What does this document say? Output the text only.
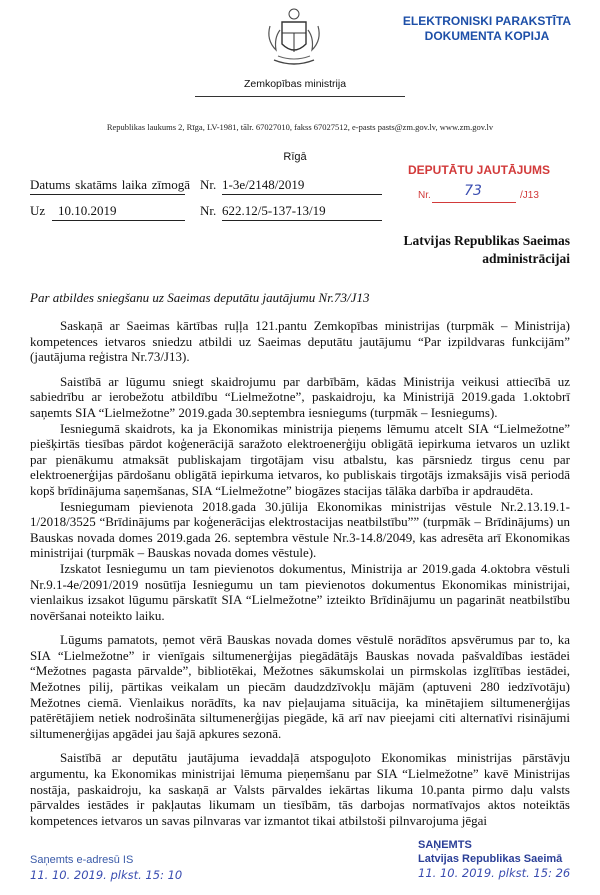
Zemkopības ministrija
ELEKTRONISKI PARAKSTĪTA
DOKUMENTA KOPIJA
Republikas laukums 2, Rīga, LV-1981, tālr. 67027010, fakss 67027512, e-pasts pasts@zm.gov.lv, www.zm.gov.lv
Rīgā
Datums skatāms laika zīmogā Nr. 1-3e/2148/2019
Uz 10.10.2019	Nr. 622.12/5-137-13/19
DEPUTĀTU JAUTĀJUMS
Nr.	73	/J13
Latvijas Republikas Saeimas
administrācijai
Par atbildes sniegšanu uz Saeimas deputātu jautājumu Nr.73/J13

Saskaņā ar Saeimas kārtības ruļļa 121.pantu Zemkopības ministrijas (turpmāk – Ministrija) kompetences ietvaros sniedzu atbildi uz Saeimas deputātu jautājumu “Par izpildvaras funkcijām” (jautājuma reģistra Nr.73/J13).

Saistībā ar lūgumu sniegt skaidrojumu par darbībām, kādas Ministrija veikusi attiecībā uz sabiedrību ar ierobežotu atbildību “Lielmežotne”, paskaidroju, ka Ministrijā 2019.gada 1.oktobrī saņemts SIA “Lielmežotne” 2019.gada 30.septembra iesniegums (turpmāk – Iesniegums).

Iesniegumā skaidrots, ka ja Ekonomikas ministrija pieņems lēmumu atcelt SIA “Lielmežotne” piešķirtās tiesības pārdot koģenerācijā saražoto elektroenerģiju obligātā iepirkuma ietvaros un uzlikt par pienākumu atmaksāt publiskajam tirgotājam visu atbalstu, kas pārsniedz tirgus cenu par elektroenerģijas pārdošanu obligātā iepirkuma ietvaros, ko publiskais tirgotājs izmaksājis visā periodā kopš brīdinājuma saņemšanas, SIA “Lielmežotne” biogāzes stacijas tālāka darbība ir apdraudēta.

Iesniegumam pievienota 2018.gada 30.jūlija Ekonomikas ministrijas vēstule Nr.2.13.19.1-1/2018/3525 “Brīdinājums par koģenerācijas elektrostacijas neatbilstību”” (turpmāk – Brīdinājums) un Bauskas novada domes 2019.gada 26. septembra vēstule Nr.3-14.8/2049, kas adresēta arī Ekonomikas ministrijai (turpmāk – Bauskas novada domes vēstule).

Izskatot Iesniegumu un tam pievienotos dokumentus, Ministrija ar 2019.gada 4.oktobra vēstuli Nr.9.1-4e/2091/2019 nosūtīja Iesniegumu un tam pievienotos dokumentus Ekonomikas ministrijai, vienlaikus izsakot lūgumu pārskatīt SIA “Lielmežotne” izteikto Brīdinājumu un pagarināt neatbilstību novēršanai noteikto laiku.

Lūgums pamatots, ņemot vērā Bauskas novada domes vēstulē norādītos apsvērumus par to, ka SIA “Lielmežotne” ir vienīgais siltumenerģijas piegādātājs Bauskas novada pašvaldības iestādei “Mežotnes pagasta pārvalde”, bibliotēkai, Mežotnes sākumskolai un pirmskolas izglītības iestādei, Mežotnes pilij, pārtikas veikalam un piecām daudzdzīvokļu mājām (aptuveni 280 iedzīvotāju) Mežotnes ciemā. Vienlaikus norādīts, ka nav pieļaujama situācija, ka minētajiem siltumenerģijas patērētājiem netiek nodrošināta siltumenerģijas piegāde, kā arī nav pieejami citi alternatīvi risinājumi siltumenerģijas apgādei jau šajā apkures sezonā.

Saistībā ar deputātu jautājuma ievaddaļā atspoguļoto Ekonomikas ministrijas pārstāvju argumentu, ka Ekonomikas ministrijai lēmuma pieņemšanu par SIA “Lielmežotne” kavē Ministrijas nostāja, paskaidroju, ka saskaņā ar Valsts pārvaldes iekārtas likuma 10.panta pirmo daļu valsts pārvaldes iestādes ir pakļautas likumam un tiesībām, tās darbojas normatīvajos aktos noteiktās kompetences ietvaros un savas pilnvaras var izmantot tikai atbilstoši pilnvarojuma jēgai

Saņemts e-adresū IS
11. 10. 2019. plkst. 15: 10
SAŅEMTS
Latvijas Republikas Saeimā
11. 10. 2019. plkst. 15: 26
